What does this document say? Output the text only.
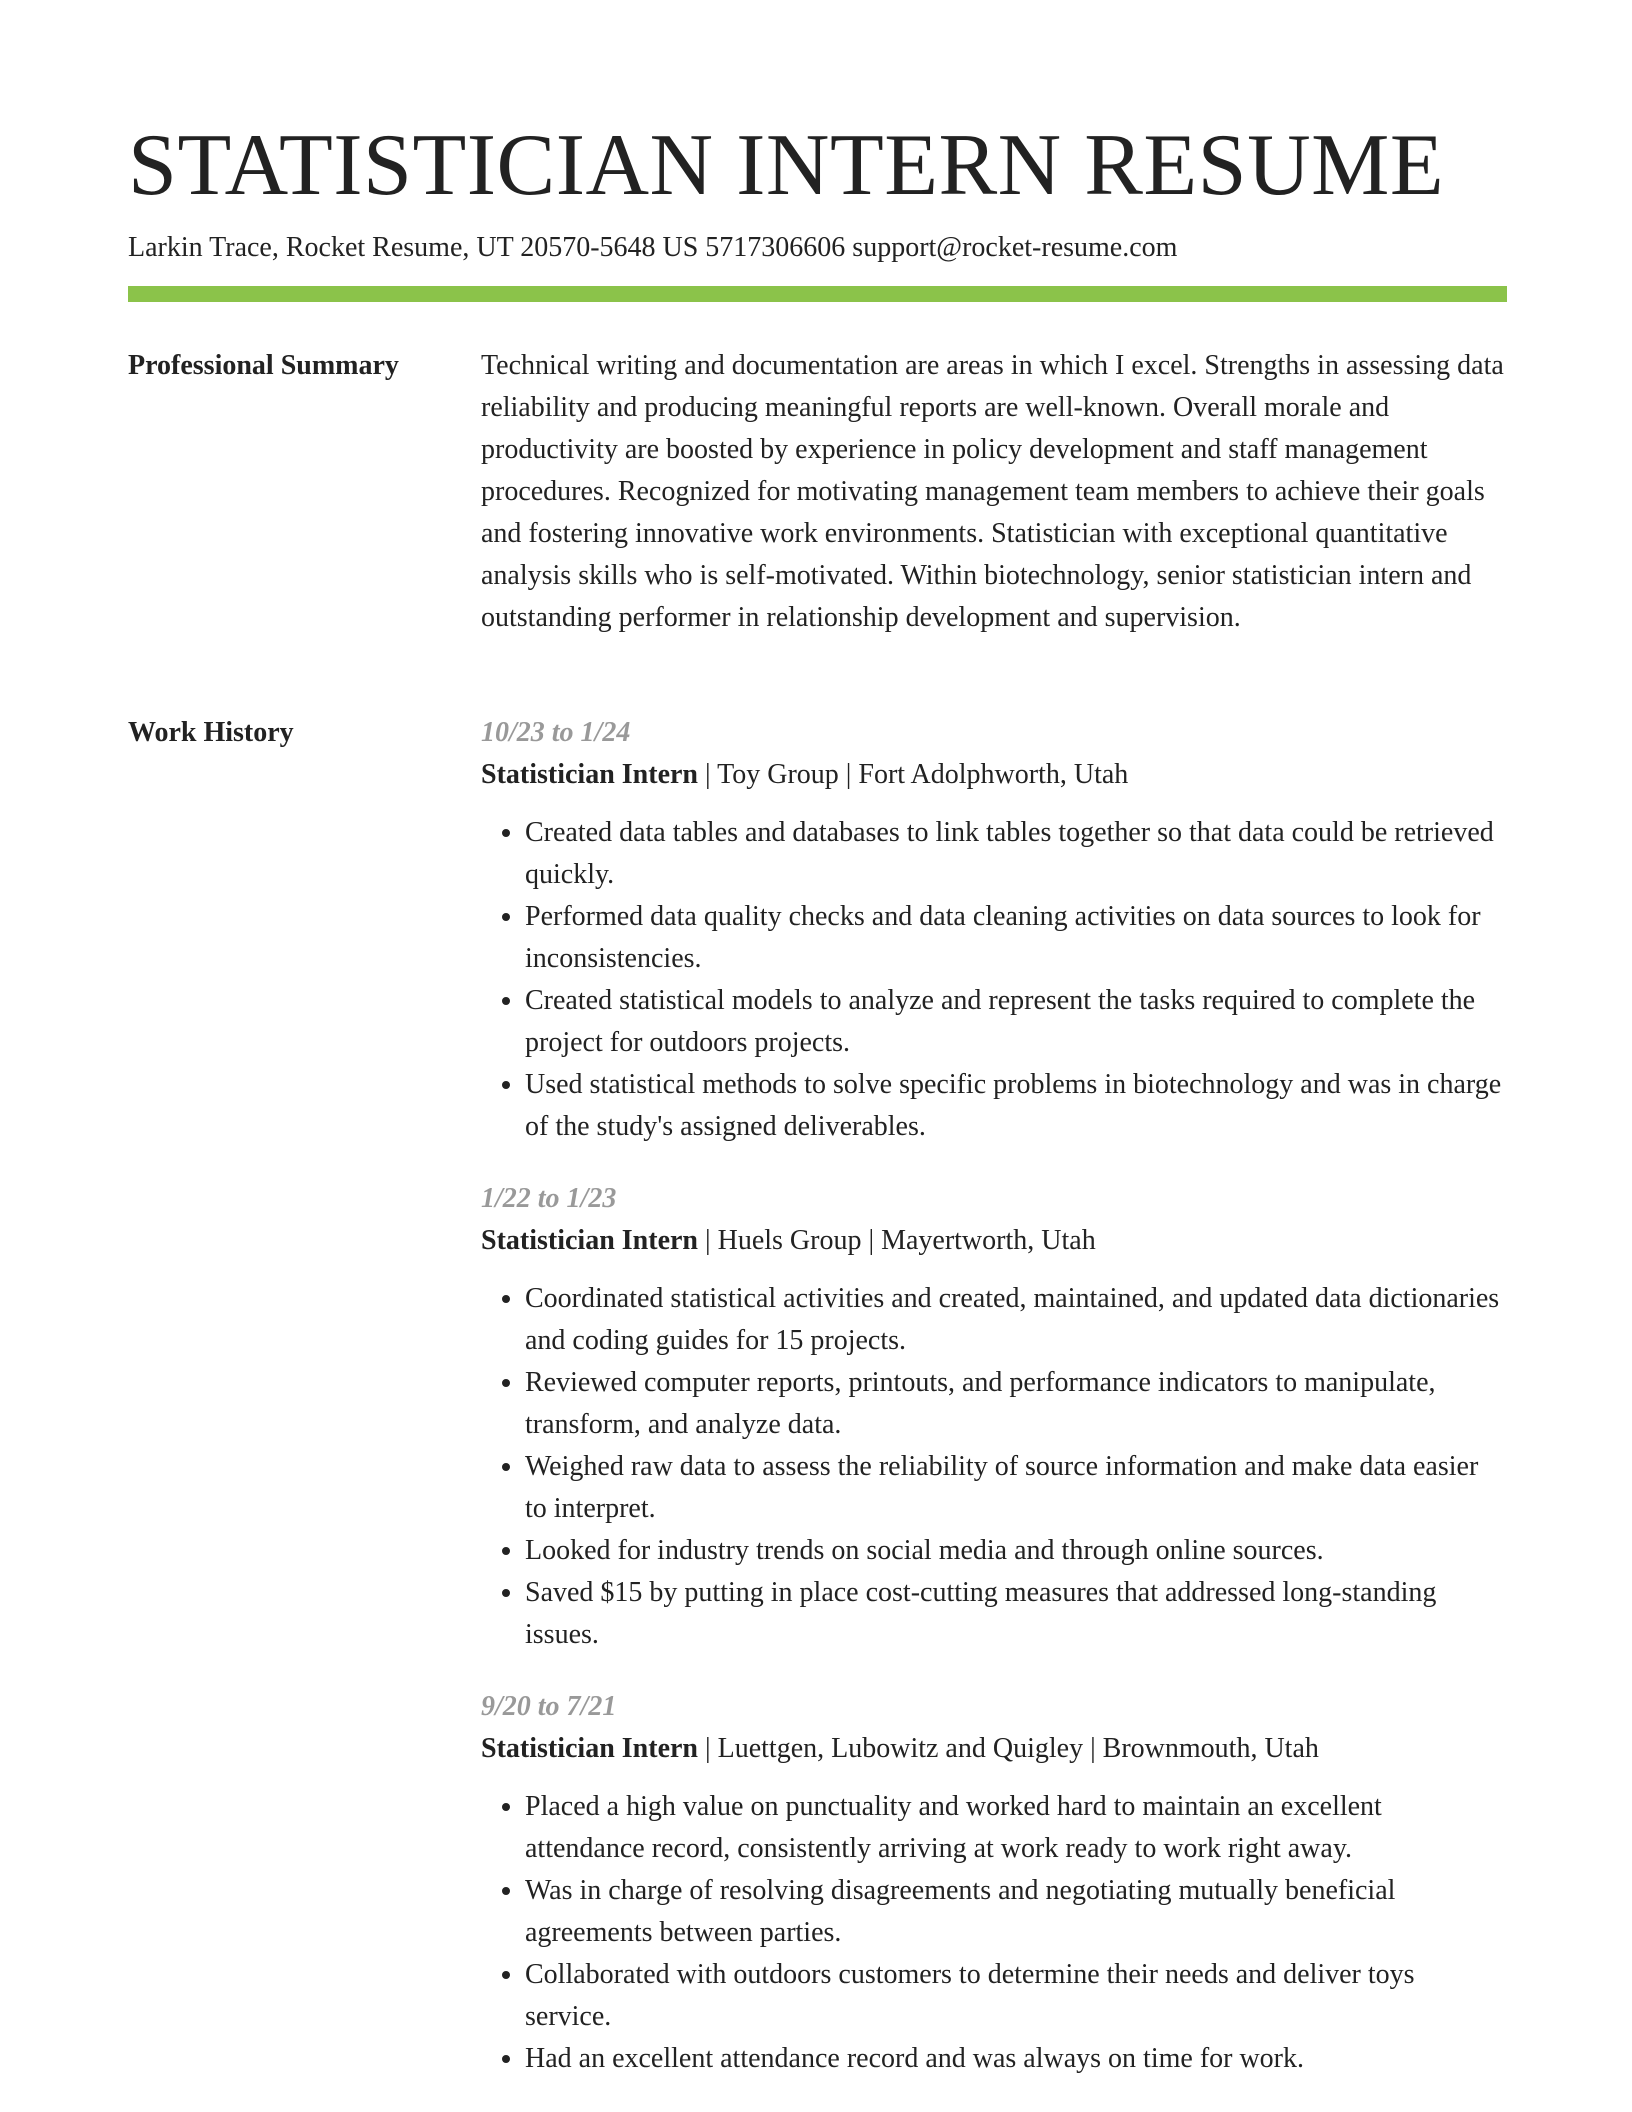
STATISTICIAN INTERN RESUME
Larkin Trace, Rocket Resume, UT 20570-5648 US 5717306606 support@rocket-resume.com
Professional Summary	Technical writing and documentation are areas in which I excel. Strengths in assessing data reliability and producing meaningful reports are well-known. Overall morale and productivity are boosted by experience in policy development and staff management procedures. Recognized for motivating management team members to achieve their goals and fostering innovative work environments. Statistician with exceptional quantitative analysis skills who is self-motivated. Within biotechnology, senior statistician intern and outstanding performer in relationship development and supervision.

Work History	10/23 to 1/24
Statistician Intern | Toy Group | Fort Adolphworth, Utah
• Created data tables and databases to link tables together so that data could be retrieved quickly.
• Performed data quality checks and data cleaning activities on data sources to look for inconsistencies.
• Created statistical models to analyze and represent the tasks required to complete the project for outdoors projects.
• Used statistical methods to solve specific problems in biotechnology and was in charge of the study's assigned deliverables.
1/22 to 1/23
Statistician Intern | Huels Group | Mayertworth, Utah
• Coordinated statistical activities and created, maintained, and updated data dictionaries and coding guides for 15 projects.
• Reviewed computer reports, printouts, and performance indicators to manipulate, transform, and analyze data.
• Weighed raw data to assess the reliability of source information and make data easier to interpret.
• Looked for industry trends on social media and through online sources.
• Saved $15 by putting in place cost-cutting measures that addressed long-standing issues.
9/20 to 7/21
Statistician Intern | Luettgen, Lubowitz and Quigley | Brownmouth, Utah
• Placed a high value on punctuality and worked hard to maintain an excellent attendance record, consistently arriving at work ready to work right away.
• Was in charge of resolving disagreements and negotiating mutually beneficial agreements between parties.
• Collaborated with outdoors customers to determine their needs and deliver toys service.
• Had an excellent attendance record and was always on time for work.
